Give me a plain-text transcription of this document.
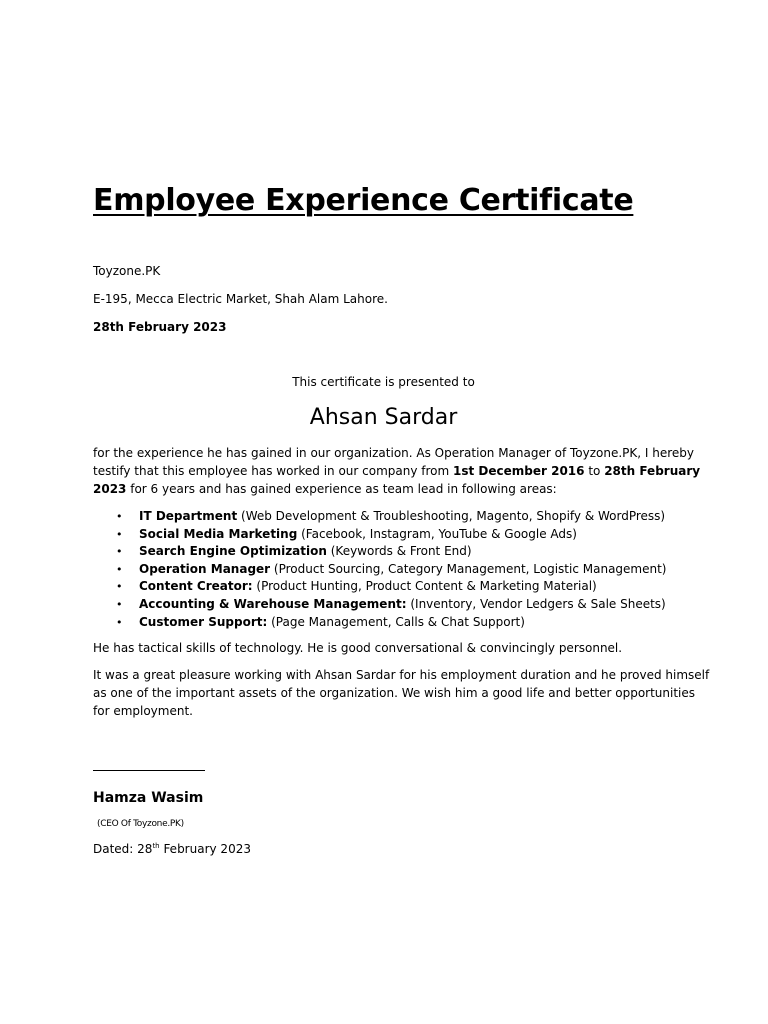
Employee Experience Certificate
Toyzone.PK
E-195, Mecca Electric Market, Shah Alam Lahore.
28th February 2023
This certificate is presented to
Ahsan Sardar
for the experience he has gained in our organization. As Operation Manager of Toyzone.PK, I hereby
testify that this employee has worked in our company from 1st December 2016 to 28th February
2023 for 6 years and has gained experience as team lead in following areas:
• IT Department (Web Development & Troubleshooting, Magento, Shopify & WordPress)
• Social Media Marketing (Facebook, Instagram, YouTube & Google Ads)
• Search Engine Optimization (Keywords & Front End)
• Operation Manager (Product Sourcing, Category Management, Logistic Management)
• Content Creator: (Product Hunting, Product Content & Marketing Material)
• Accounting & Warehouse Management: (Inventory, Vendor Ledgers & Sale Sheets)
• Customer Support: (Page Management, Calls & Chat Support)
He has tactical skills of technology. He is good conversational & convincingly personnel.
It was a great pleasure working with Ahsan Sardar for his employment duration and he proved himself
as one of the important assets of the organization. We wish him a good life and better opportunities
for employment.
Hamza Wasim
(CEO Of Toyzone.PK)
Dated: 28th February 2023
